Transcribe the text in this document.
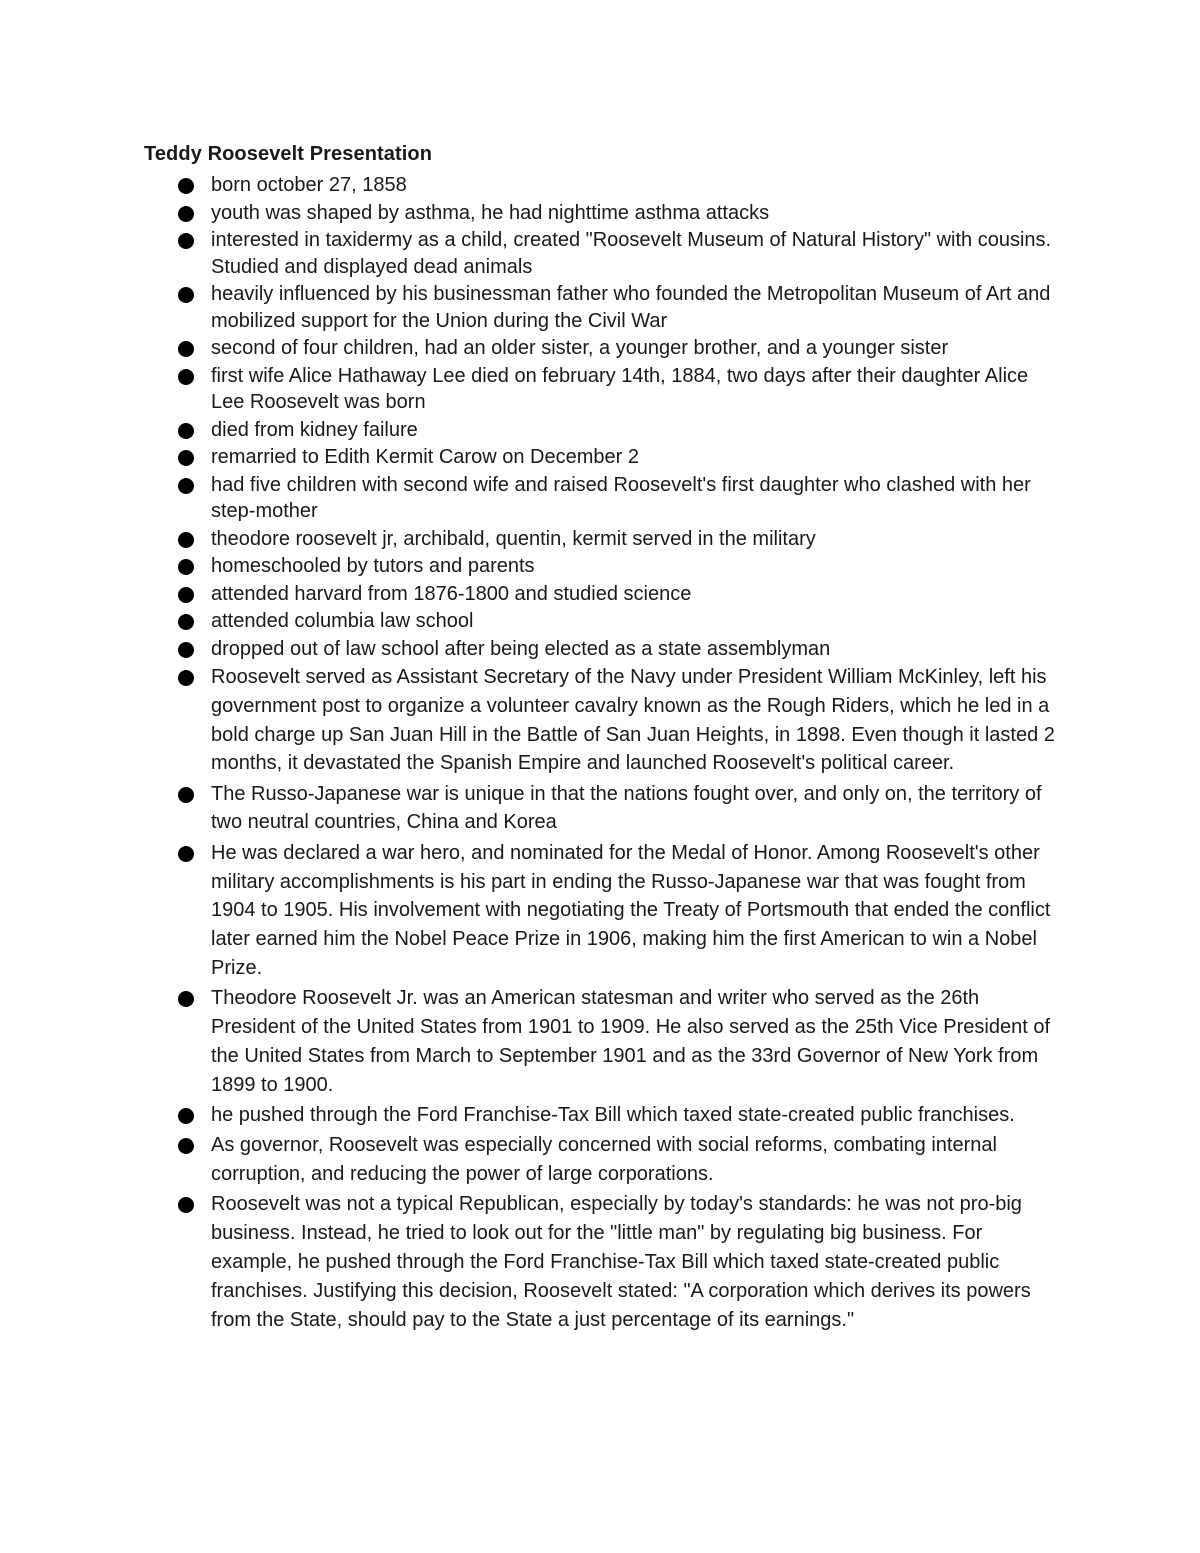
Teddy Roosevelt Presentation
born october 27, 1858
youth was shaped by asthma, he had nighttime asthma attacks
interested in taxidermy as a child, created "Roosevelt Museum of Natural History" with cousins. Studied and displayed dead animals
heavily influenced by his businessman father who founded the Metropolitan Museum of Art and mobilized support for the Union during the Civil War
second of four children, had an older sister, a younger brother, and a younger sister
first wife Alice Hathaway Lee died on february 14th, 1884, two days after their daughter Alice Lee Roosevelt was born
died from kidney failure
remarried to Edith Kermit Carow on December 2
had five children with second wife and raised Roosevelt's first daughter who clashed with her step-mother
theodore roosevelt jr, archibald, quentin, kermit served in the military
homeschooled by tutors and parents
attended harvard from 1876-1800 and studied science
attended columbia law school
dropped out of law school after being elected as a state assemblyman
Roosevelt served as Assistant Secretary of the Navy under President William McKinley, left his government post to organize a volunteer cavalry known as the Rough Riders, which he led in a bold charge up San Juan Hill in the Battle of San Juan Heights, in 1898. Even though it lasted 2 months, it devastated the Spanish Empire and launched Roosevelt's political career.
The Russo-Japanese war is unique in that the nations fought over, and only on, the territory of two neutral countries, China and Korea
He was declared a war hero, and nominated for the Medal of Honor. Among Roosevelt's other military accomplishments is his part in ending the Russo-Japanese war that was fought from 1904 to 1905. His involvement with negotiating the Treaty of Portsmouth that ended the conflict later earned him the Nobel Peace Prize in 1906, making him the first American to win a Nobel Prize.
Theodore Roosevelt Jr. was an American statesman and writer who served as the 26th President of the United States from 1901 to 1909. He also served as the 25th Vice President of the United States from March to September 1901 and as the 33rd Governor of New York from 1899 to 1900.
he pushed through the Ford Franchise-Tax Bill which taxed state-created public franchises.
As governor, Roosevelt was especially concerned with social reforms, combating internal corruption, and reducing the power of large corporations.
Roosevelt was not a typical Republican, especially by today's standards: he was not pro-big business. Instead, he tried to look out for the "little man" by regulating big business. For example, he pushed through the Ford Franchise-Tax Bill which taxed state-created public franchises. Justifying this decision, Roosevelt stated: "A corporation which derives its powers from the State, should pay to the State a just percentage of its earnings."
